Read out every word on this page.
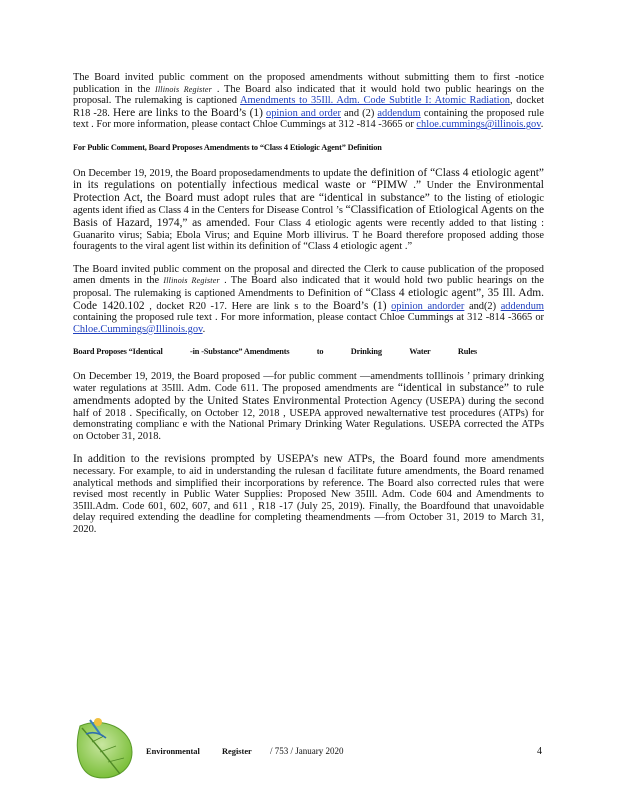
The Board invited public comment on the proposed amendments without submitting them to first -notice publication in the Illinois Register . The Board also indicated that it would hold two public hearings on the proposal. The rulemaking is captioned Amendments to 35Ill. Adm. Code Subtitle I: Atomic Radiation, docket R18 -28. Here are links to the Board’s (1) opinion and order and (2) addendum containing the proposed rule text . For more information, please contact Chloe Cummings at 312 -814 -3665 or chloe.cummings@illinois.gov.

For Public Comment, Board Proposes Amendments to “Class 4 Etiologic Agent” Definition

On December 19, 2019, the Board proposedamendments to update the definition of “Class 4 etiologic agent” in its regulations on potentially infectious medical waste or “PIMW .” Under the Environmental Protection Act, the Board must adopt rules that are “identical in substance” to the listing of etiologic agents ident ified as Class 4 in the Centers for Disease Control ’s “Classification of Etiological Agents on the Basis of Hazard, 1974,” as amended. Four Class 4 etiologic agents were recently added to that listing : Guanarito virus; Sabia; Ebola Virus; and Equine Morb illivirus. T he Board therefore proposed adding those fouragents to the viral agent list within its definition of “Class 4 etiologic agent .”

The Board invited public comment on the proposal and directed the Clerk to cause publication of the proposed amen dments in the Illinois Register . The Board also indicated that it would hold two public hearings on the proposal. The rulemaking is captioned Amendments to Definition of “Class 4 etiologic agent”, 35 Ill. Adm. Code 1420.102 , docket R20 -17. Here are link s to the Board’s (1) opinion andorder and(2) addendum containing the proposed rule text . For more information, please contact Chloe Cummings at 312 -814 -3665 or Chloe.Cummings@Illinois.gov.

Board Proposes “Identical	-in -Substance” Amendments	to	Drinking	Water	Rules

On December 19, 2019, the Board proposed —for public comment —amendments toIllinois ’ primary drinking water regulations at 35Ill. Adm. Code 611. The proposed amendments are “identical in substance” to rule amendments adopted by the United States Environmental Protection Agency (USEPA) during the second half of 2018 . Specifically, on October 12, 2018 , USEPA approved newalternative test procedures (ATPs) for demonstrating complianc e with the National Primary Drinking Water Regulations. USEPA corrected the ATPs on October 31, 2018.

In addition to the revisions prompted by USEPA’s new ATPs, the Board found more amendments necessary. For example, to aid in understanding the rulesan d facilitate future amendments, the Board renamed analytical methods and simplified their incorporations by reference. The Board also corrected rules that were revised most recently in Public Water Supplies: Proposed New 35Ill. Adm. Code 604 and Amendments to 35Ill.Adm. Code 601, 602, 607, and 611 , R18 -17 (July 25, 2019). Finally, the Boardfound that unavoidable delay required extending the deadline for completing theamendments —from October 31, 2019 to March 31, 2020.

Environmental	Register / 753 / January 2020	4
